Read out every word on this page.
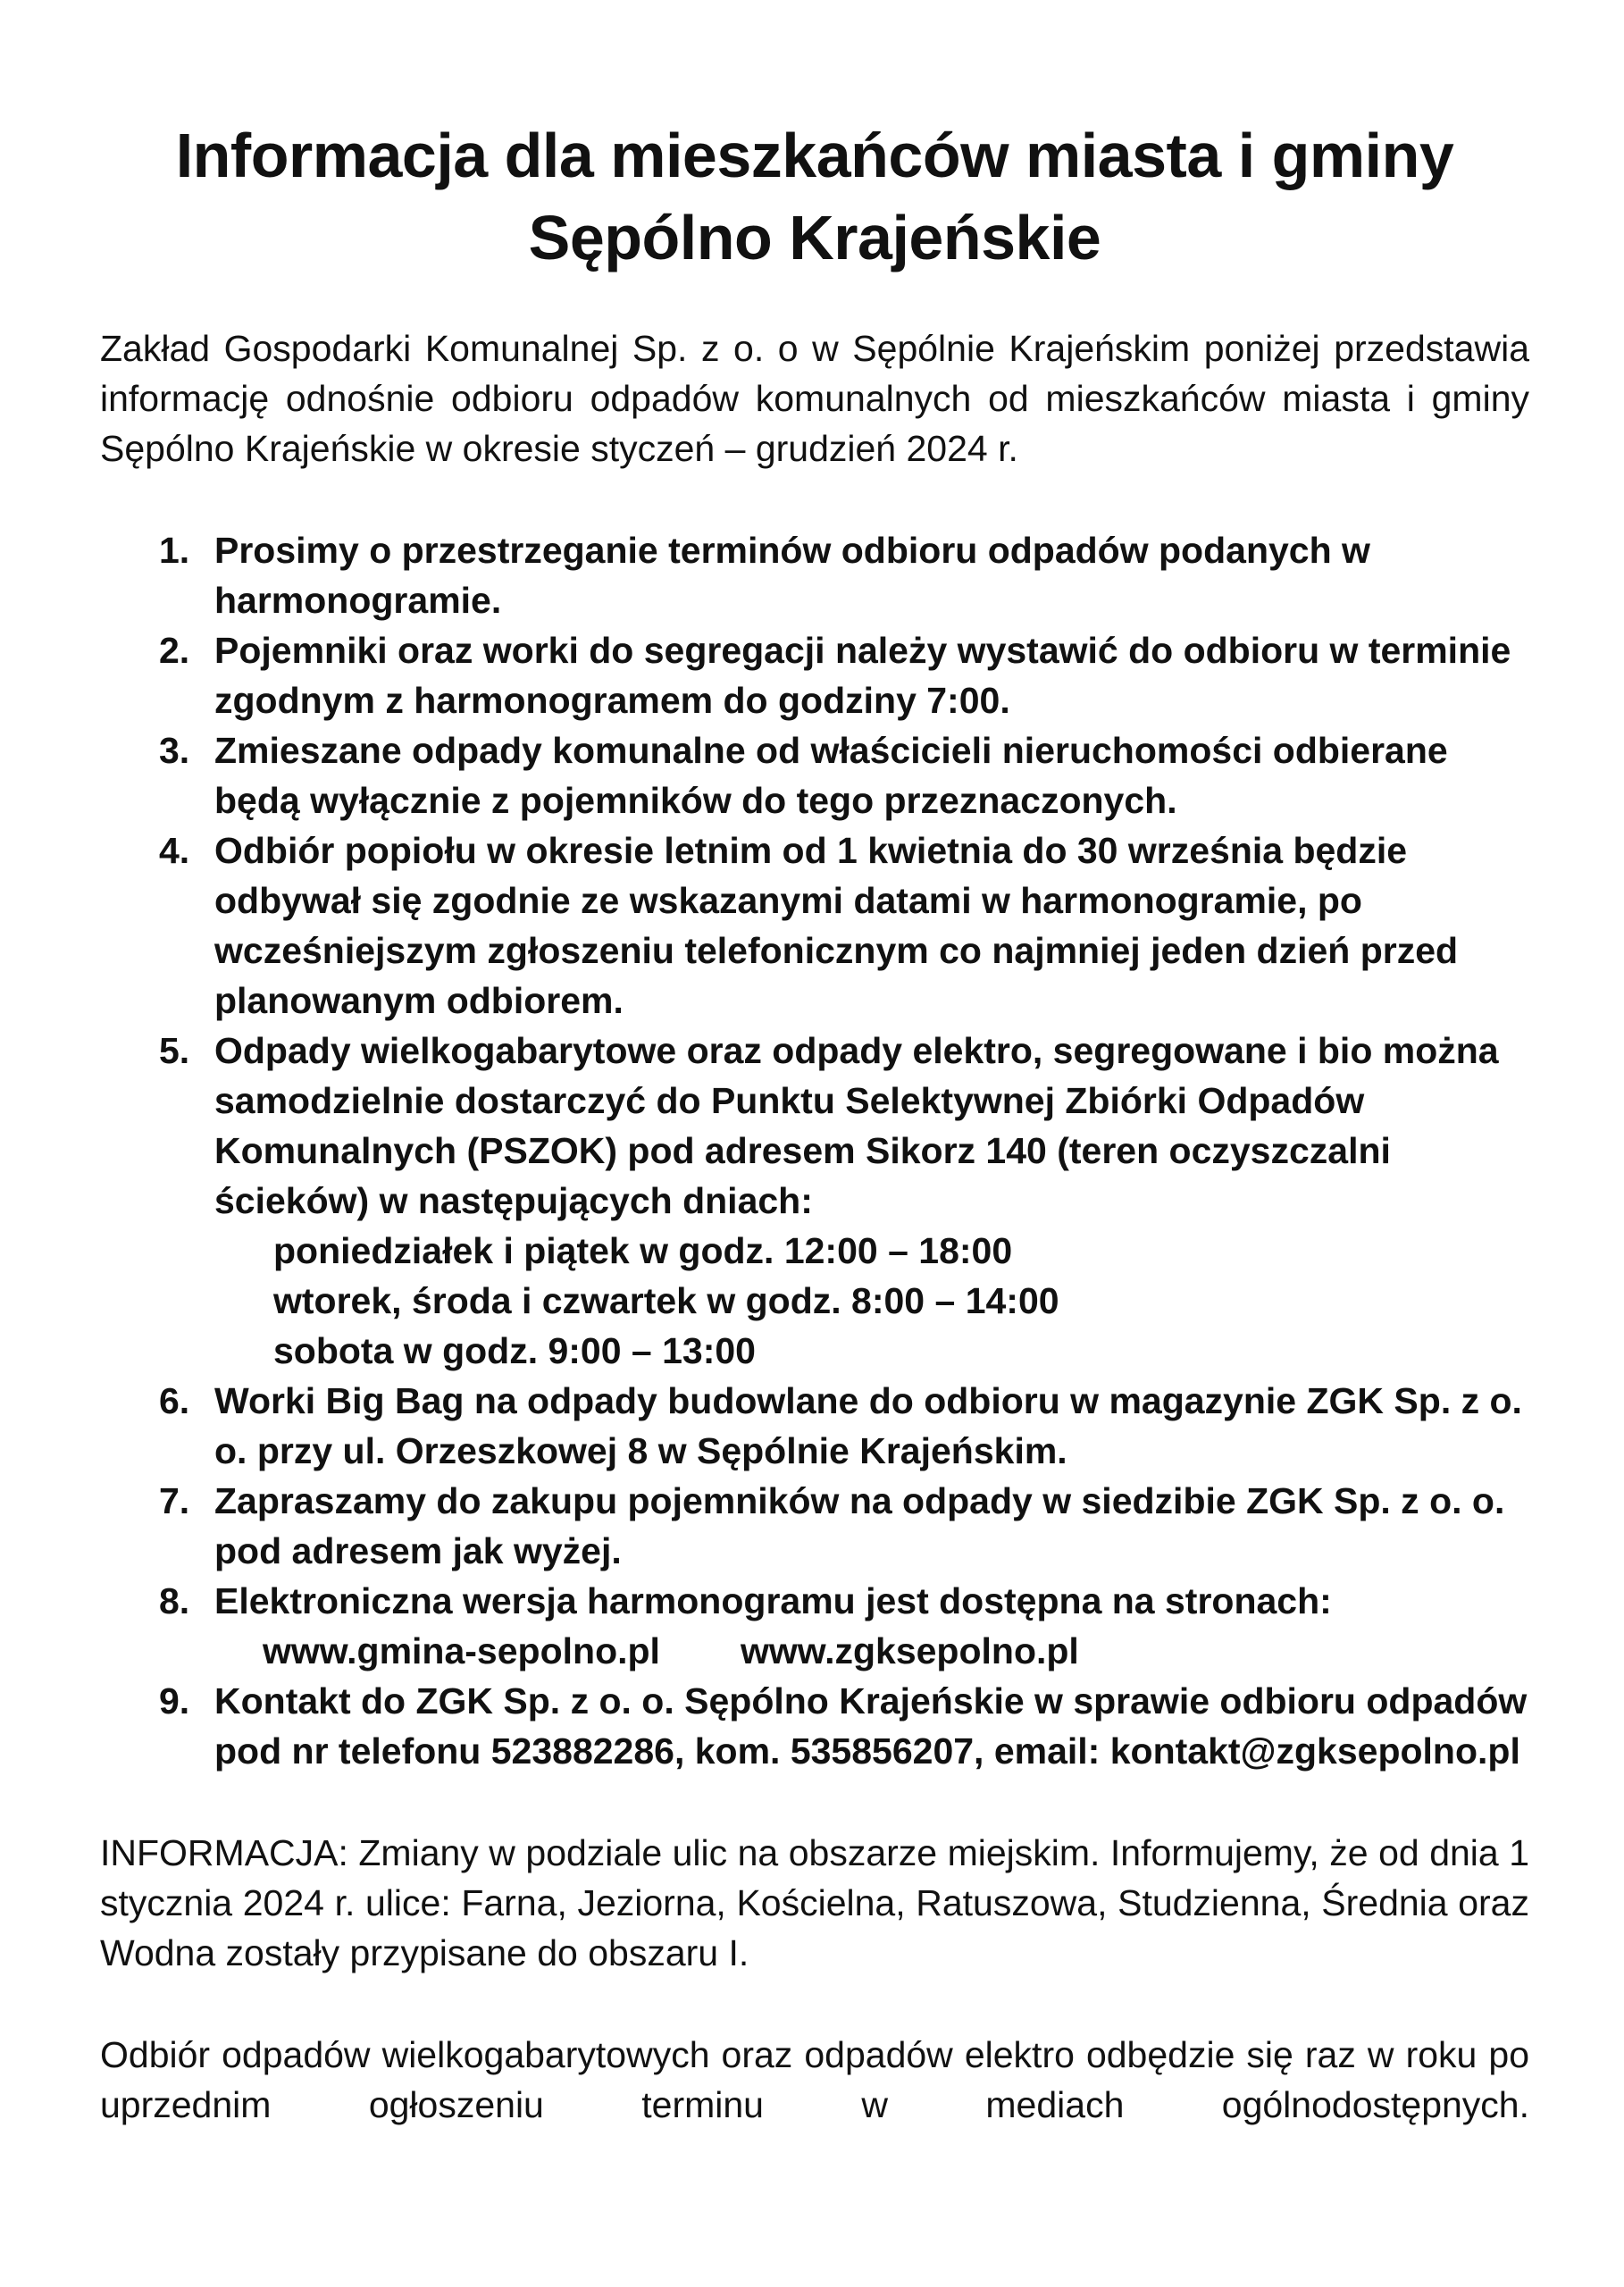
Informacja dla mieszkańców miasta i gminy
Sępólno Krajeńskie

Zakład Gospodarki Komunalnej Sp. z o. o w Sępólnie Krajeńskim poniżej przedstawia informację odnośnie odbioru odpadów komunalnych od mieszkańców miasta i gminy Sępólno Krajeńskie w okresie styczeń – grudzień 2024 r.

1. Prosimy o przestrzeganie terminów odbioru odpadów podanych w harmonogramie.
2. Pojemniki oraz worki do segregacji należy wystawić do odbioru w terminie zgodnym z harmonogramem do godziny 7:00.
3. Zmieszane odpady komunalne od właścicieli nieruchomości odbierane będą wyłącznie z pojemników do tego przeznaczonych.
4. Odbiór popiołu w okresie letnim od 1 kwietnia do 30 września będzie odbywał się zgodnie ze wskazanymi datami w harmonogramie, po wcześniejszym zgłoszeniu telefonicznym co najmniej jeden dzień przed planowanym odbiorem.
5. Odpady wielkogabarytowe oraz odpady elektro, segregowane i bio można samodzielnie dostarczyć do Punktu Selektywnej Zbiórki Odpadów Komunalnych (PSZOK) pod adresem Sikorz 140 (teren oczyszczalni ścieków) w następujących dniach:
poniedziałek i piątek w godz. 12:00 – 18:00
wtorek, środa i czwartek w godz. 8:00 – 14:00
sobota w godz. 9:00 – 13:00
6. Worki Big Bag na odpady budowlane do odbioru w magazynie ZGK Sp. z o. o. przy ul. Orzeszkowej 8 w Sępólnie Krajeńskim.
7. Zapraszamy do zakupu pojemników na odpady w siedzibie ZGK Sp. z o. o. pod adresem jak wyżej.
8. Elektroniczna wersja harmonogramu jest dostępna na stronach:
www.gmina-sepolno.pl www.zgksepolno.pl
9. Kontakt do ZGK Sp. z o. o. Sępólno Krajeńskie w sprawie odbioru odpadów pod nr telefonu 523882286, kom. 535856207, email: kontakt@zgksepolno.pl

INFORMACJA: Zmiany w podziale ulic na obszarze miejskim. Informujemy, że od dnia 1 stycznia 2024 r. ulice: Farna, Jeziorna, Kościelna, Ratuszowa, Studzienna, Średnia oraz Wodna zostały przypisane do obszaru I.

Odbiór odpadów wielkogabarytowych oraz odpadów elektro odbędzie się raz w roku po uprzednim ogłoszeniu terminu w mediach ogólnodostępnych.
